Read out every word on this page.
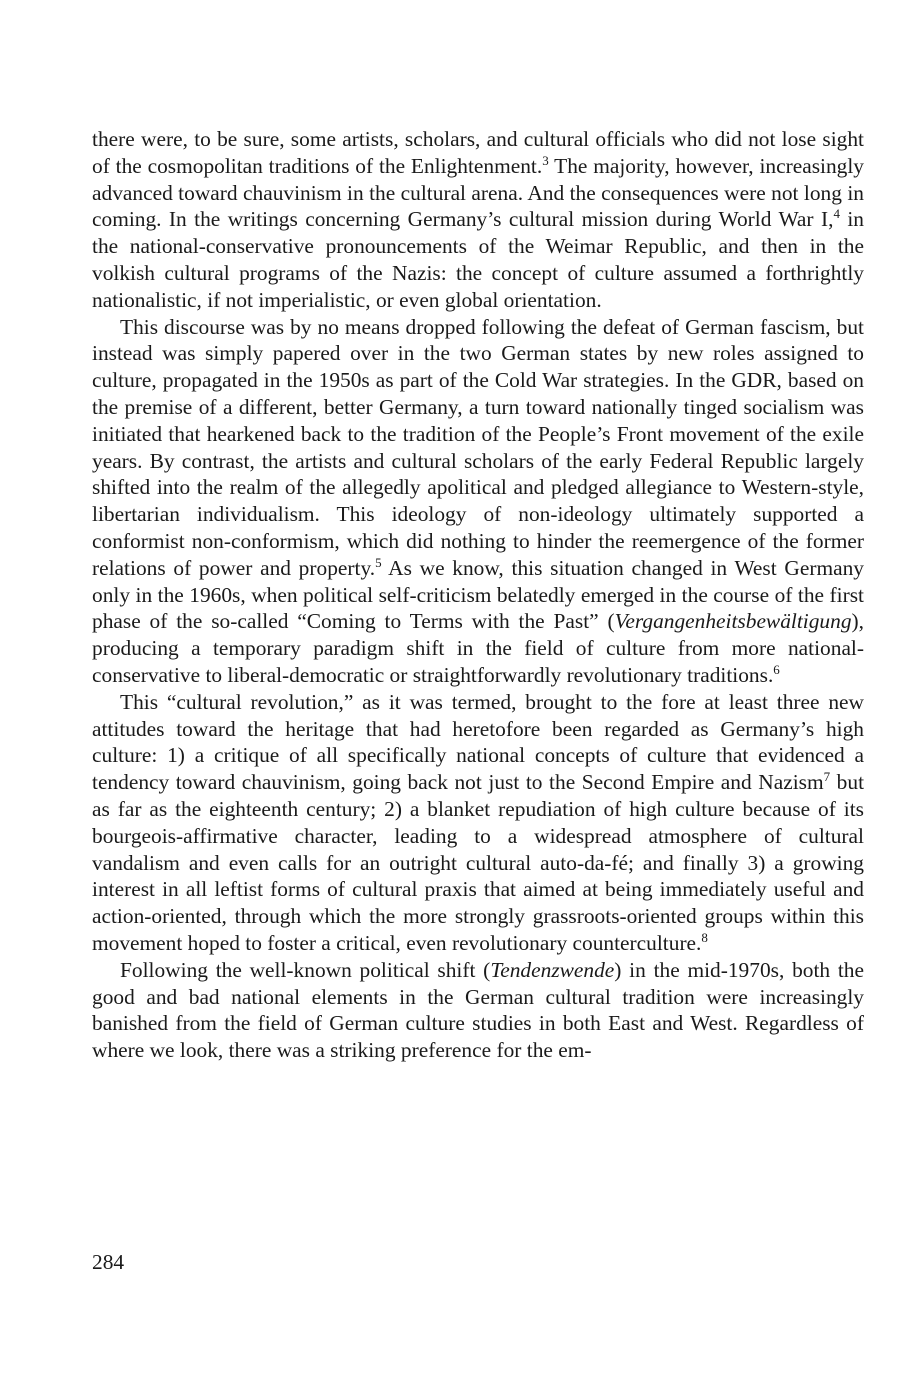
there were, to be sure, some artists, scholars, and cultural officials who did not lose sight of the cosmopolitan traditions of the Enlightenment.$^3$ The majority, however, increasingly advanced toward chauvinism in the cultural arena. And the consequences were not long in coming. In the writings concerning Germany’s cultural mission during World War I,$^4$ in the national-conservative pronouncements of the Weimar Republic, and then in the volkish cultural programs of the Nazis: the concept of culture assumed a forthrightly nationalistic, if not imperialistic, or even global orientation.

This discourse was by no means dropped following the defeat of German fascism, but instead was simply papered over in the two German states by new roles assigned to culture, propagated in the 1950s as part of the Cold War strategies. In the GDR, based on the premise of a different, better Germany, a turn toward nationally tinged socialism was initiated that hearkened back to the tradition of the People’s Front movement of the exile years. By contrast, the artists and cultural scholars of the early Federal Republic largely shifted into the realm of the allegedly apolitical and pledged allegiance to Western-style, libertarian individualism. This ideology of non-ideology ultimately supported a conformist non-conformism, which did nothing to hinder the reemergence of the former relations of power and property.$^5$ As we know, this situation changed in West Germany only in the 1960s, when political self-criticism belatedly emerged in the course of the first phase of the so-called “Coming to Terms with the Past” (Vergangenheitsbewältigung), producing a temporary paradigm shift in the field of culture from more national-conservative to liberal-democratic or straightforwardly revolutionary traditions.$^6$

This “cultural revolution,” as it was termed, brought to the fore at least three new attitudes toward the heritage that had heretofore been regarded as Germany’s high culture: 1) a critique of all specifically national concepts of culture that evidenced a tendency toward chauvinism, going back not just to the Second Empire and Nazism$^7$ but as far as the eighteenth century; 2) a blanket repudiation of high culture because of its bourgeois-affirmative character, leading to a widespread atmosphere of cultural vandalism and even calls for an outright cultural auto-da-fé; and finally 3) a growing interest in all leftist forms of cultural praxis that aimed at being immediately useful and action-oriented, through which the more strongly grassroots-oriented groups within this movement hoped to foster a critical, even revolutionary counterculture.$^8$

Following the well-known political shift (Tendenzwende) in the mid-1970s, both the good and bad national elements in the German cultural tradition were increasingly banished from the field of German culture studies in both East and West. Regardless of where we look, there was a striking preference for the em-

284
